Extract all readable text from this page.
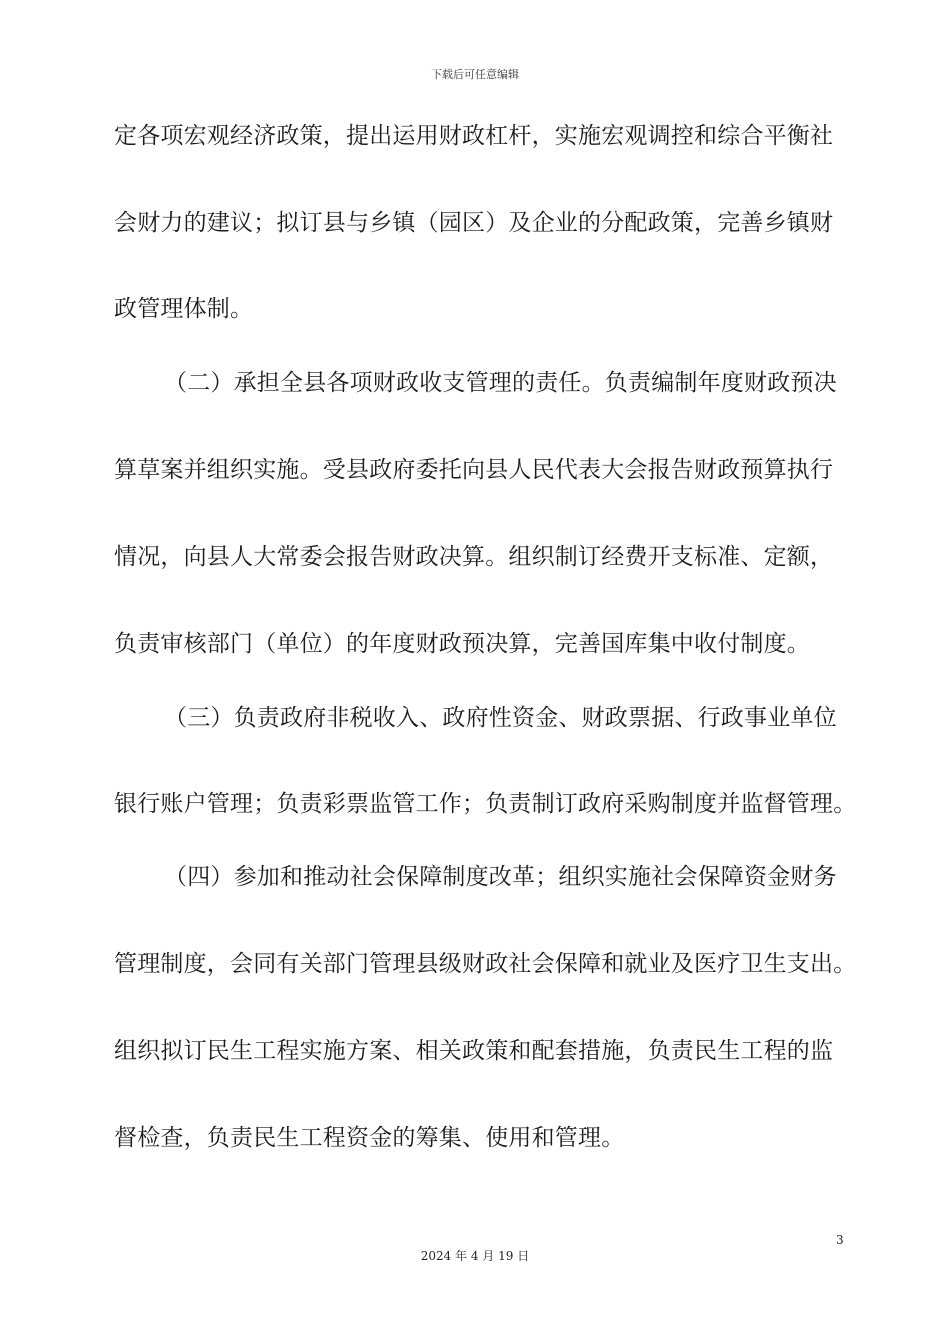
下载后可任意编辑
定各项宏观经济政策，提出运用财政杠杆，实施宏观调控和综合平衡社
会财力的建议；拟订县与乡镇（园区）及企业的分配政策，完善乡镇财
政管理体制。
（二）承担全县各项财政收支管理的责任。负责编制年度财政预决
算草案并组织实施。受县政府委托向县人民代表大会报告财政预算执行
情况，向县人大常委会报告财政决算。组织制订经费开支标准、定额，
负责审核部门（单位）的年度财政预决算，完善国库集中收付制度。
（三）负责政府非税收入、政府性资金、财政票据、行政事业单位
银行账户管理；负责彩票监管工作；负责制订政府采购制度并监督管理。
（四）参加和推动社会保障制度改革；组织实施社会保障资金财务
管理制度，会同有关部门管理县级财政社会保障和就业及医疗卫生支出。
组织拟订民生工程实施方案、相关政策和配套措施，负责民生工程的监
督检查，负责民生工程资金的筹集、使用和管理。
3
2024 年 4 月 19 日
